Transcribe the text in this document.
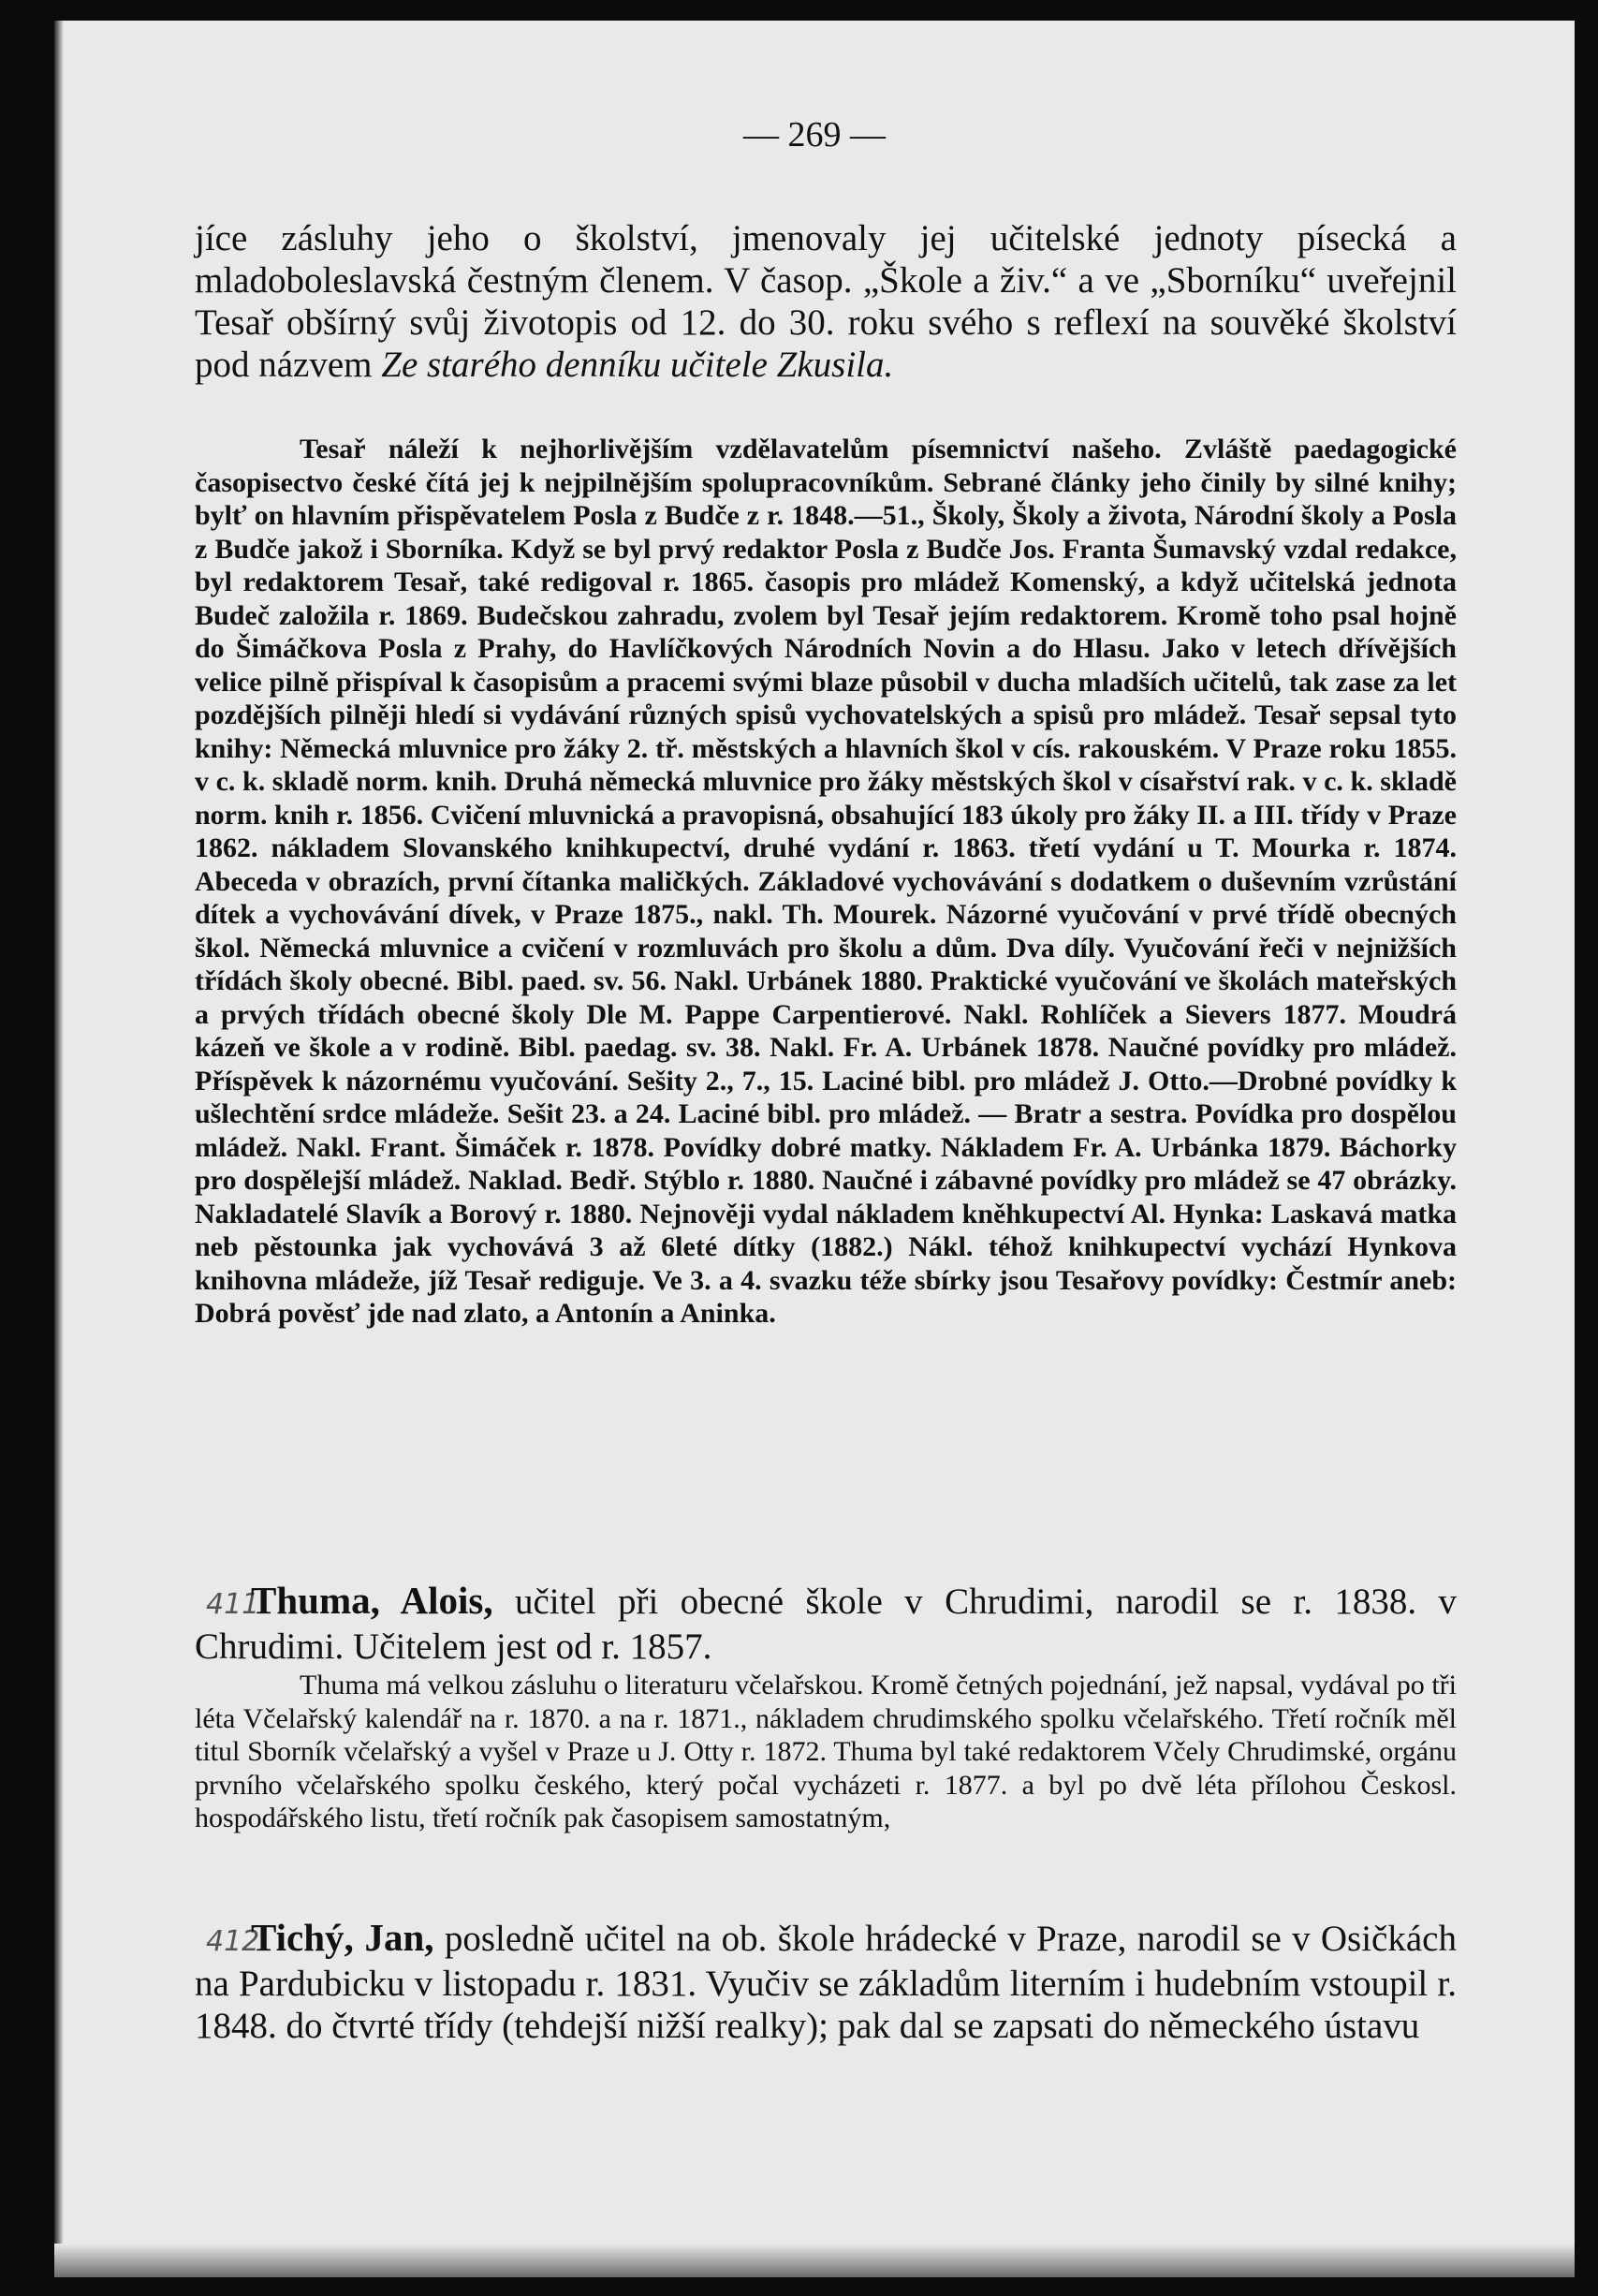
— 269 —
jíce zásluhy jeho o školství, jmenovaly jej učitelské jednoty písecká a mladoboleslavská čestným členem. V časop. „Škole a živ.“ a ve „Sborníku“ uveřejnil Tesař obšírný svůj životopis od 12. do 30. roku svého s reflexí na souvěké školství pod názvem Ze starého denníku učitele Zkusila.
Tesař náleží k nejhorlivějším vzdělavatelům písemnictví našeho. Zvláště paedagogické časopisectvo české čítá jej k nejpilnějším spolupracovníkům. Sebrané články jeho činily by silné knihy; bylť on hlavním přispěvatelem Posla z Budče z r. 1848.—51., Školy, Školy a života, Národní školy a Posla z Budče jakož i Sborníka. Když se byl prvý redaktor Posla z Budče Jos. Franta Šumavský vzdal redakce, byl redaktorem Tesař, také redigoval r. 1865. časopis pro mládež Komenský, a když učitelská jednota Budeč založila r. 1869. Budečskou zahradu, zvolem byl Tesař jejím redaktorem. Kromě toho psal hojně do Šimáčkova Posla z Prahy, do Havlíčkových Národních Novin a do Hlasu. Jako v letech dřívějších velice pilně přispíval k časopisům a pracemi svými blaze působil v ducha mladších učitelů, tak zase za let pozdějších pilněji hledí si vydávání různých spisů vychovatelských a spisů pro mládež. Tesař sepsal tyto knihy: Německá mluvnice pro žáky 2. tř. městských a hlavních škol v cís. rakouském. V Praze roku 1855. v c. k. skladě norm. knih. Druhá německá mluvnice pro žáky městských škol v císařství rak. v c. k. skladě norm. knih r. 1856. Cvičení mluvnická a pravopisná, obsahující 183 úkoly pro žáky II. a III. třídy v Praze 1862. nákladem Slovanského knihkupectví, druhé vydání r. 1863. třetí vydání u T. Mourka r. 1874. Abeceda v obrazích, první čítanka maličkých. Základové vychovávání s dodatkem o duševním vzrůstání dítek a vychovávání dívek, v Praze 1875., nakl. Th. Mourek. Názorné vyučování v prvé třídě obecných škol. Německá mluvnice a cvičení v rozmluvách pro školu a dům. Dva díly. Vyučování řeči v nejnižších třídách školy obecné. Bibl. paed. sv. 56. Nakl. Urbánek 1880. Praktické vyučování ve školách mateřských a prvých třídách obecné školy Dle M. Pappe Carpentierové. Nakl. Rohlíček a Sievers 1877. Moudrá kázeň ve škole a v rodině. Bibl. paedag. sv. 38. Nakl. Fr. A. Urbánek 1878. Naučné povídky pro mládež. Příspěvek k názornému vyučování. Sešity 2., 7., 15. Laciné bibl. pro mládež J. Otto.—Drobné povídky k ušlechtění srdce mládeže. Sešit 23. a 24. Laciné bibl. pro mládež. — Bratr a sestra. Povídka pro dospělou mládež. Nakl. Frant. Šimáček r. 1878. Povídky dobré matky. Nákladem Fr. A. Urbánka 1879. Báchorky pro dospělejší mládež. Naklad. Bedř. Stýblo r. 1880. Naučné i zábavné povídky pro mládež se 47 obrázky. Nakladatelé Slavík a Borový r. 1880. Nejnověji vydal nákladem kněhkupectví Al. Hynka: Laskavá matka neb pěstounka jak vychovává 3 až 6leté dítky (1882.) Nákl. téhož knihkupectví vychází Hynkova knihovna mládeže, jíž Tesař rediguje. Ve 3. a 4. svazku téže sbírky jsou Tesařovy povídky: Čestmír aneb: Dobrá pověsť jde nad zlato, a Antonín a Aninka.
411Thuma, Alois, učitel při obecné škole v Chrudimi, narodil se r. 1838. v Chrudimi. Učitelem jest od r. 1857.
Thuma má velkou zásluhu o literaturu včelařskou. Kromě četných pojednání, jež napsal, vydával po tři léta Včelařský kalendář na r. 1870. a na r. 1871., nákladem chrudimského spolku včelařského. Třetí ročník měl titul Sborník včelařský a vyšel v Praze u J. Otty r. 1872. Thuma byl také redaktorem Včely Chrudimské, orgánu prvního včelařského spolku českého, který počal vycházeti r. 1877. a byl po dvě léta přílohou Českosl. hospodářského listu, třetí ročník pak časopisem samostatným,
412Tichý, Jan, posledně učitel na ob. škole hrádecké v Praze, narodil se v Osičkách na Pardubicku v listopadu r. 1831. Vyučiv se základům literním i hudebním vstoupil r. 1848. do čtvrté třídy (tehdejší nižší realky); pak dal se zapsati do německého ústavu
